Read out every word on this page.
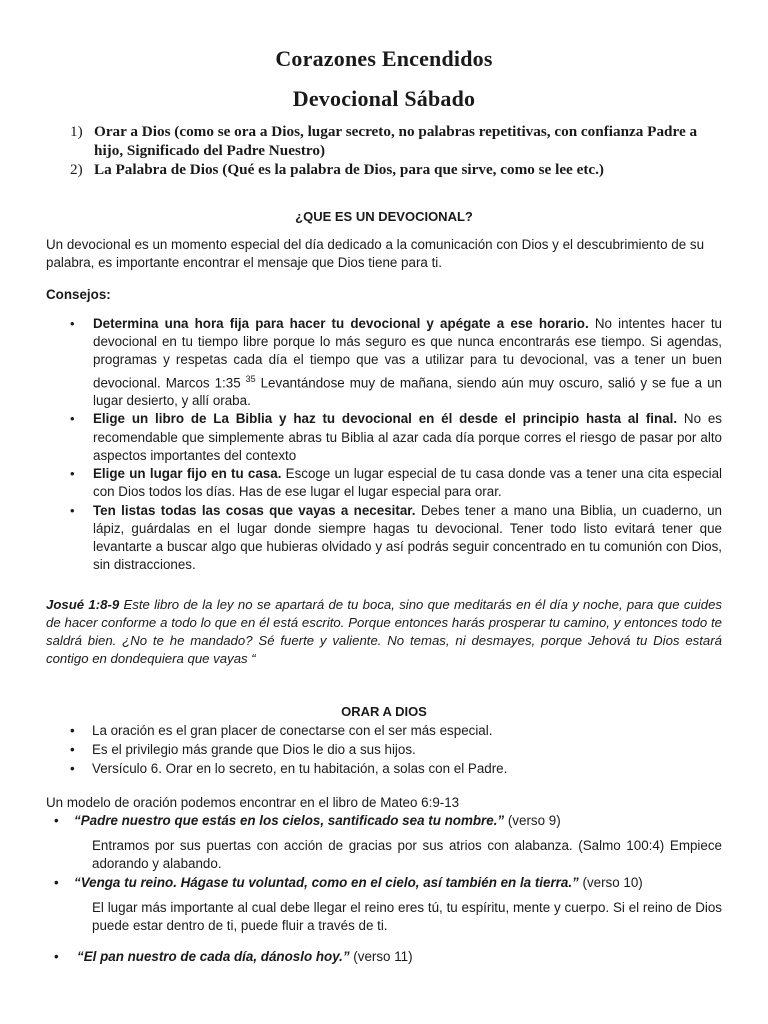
Corazones Encendidos
Devocional Sábado
1) Orar a Dios (como se ora a Dios, lugar secreto, no palabras repetitivas, con confianza Padre a hijo, Significado del Padre Nuestro)
2) La Palabra de Dios (Qué es la palabra de Dios, para que sirve, como se lee etc.)
¿QUE ES UN DEVOCIONAL?
Un devocional es un momento especial del día dedicado a la comunicación con Dios y el descubrimiento de su palabra, es importante encontrar el mensaje que Dios tiene para ti.
Consejos:
• Determina una hora fija para hacer tu devocional y apégate a ese horario. No intentes hacer tu devocional en tu tiempo libre porque lo más seguro es que nunca encontrarás ese tiempo. Si agendas, programas y respetas cada día el tiempo que vas a utilizar para tu devocional, vas a tener un buen devocional. Marcos 1:35 $^{35}$ Levantándose muy de mañana, siendo aún muy oscuro, salió y se fue a un lugar desierto, y allí oraba.
• Elige un libro de La Biblia y haz tu devocional en él desde el principio hasta al final. No es recomendable que simplemente abras tu Biblia al azar cada día porque corres el riesgo de pasar por alto aspectos importantes del contexto
• Elige un lugar fijo en tu casa. Escoge un lugar especial de tu casa donde vas a tener una cita especial con Dios todos los días. Has de ese lugar el lugar especial para orar.
• Ten listas todas las cosas que vayas a necesitar. Debes tener a mano una Biblia, un cuaderno, un lápiz, guárdalas en el lugar donde siempre hagas tu devocional. Tener todo listo evitará tener que levantarte a buscar algo que hubieras olvidado y así podrás seguir concentrado en tu comunión con Dios, sin distracciones.
Josué 1:8-9 Este libro de la ley no se apartará de tu boca, sino que meditarás en él día y noche, para que cuides de hacer conforme a todo lo que en él está escrito. Porque entonces harás prosperar tu camino, y entonces todo te saldrá bien. ¿No te he mandado? Sé fuerte y valiente. No temas, ni desmayes, porque Jehová tu Dios estará contigo en dondequiera que vayas “
ORAR A DIOS
• La oración es el gran placer de conectarse con el ser más especial.
• Es el privilegio más grande que Dios le dio a sus hijos.
• Versículo 6. Orar en lo secreto, en tu habitación, a solas con el Padre.
Un modelo de oración podemos encontrar en el libro de Mateo 6:9-13
•	“Padre nuestro que estás en los cielos, santificado sea tu nombre.” (verso 9)
Entramos por sus puertas con acción de gracias por sus atrios con alabanza. (Salmo 100:4) Empiece adorando y alabando.
•	“Venga tu reino. Hágase tu voluntad, como en el cielo, así también en la tierra.” (verso 10)
El lugar más importante al cual debe llegar el reino eres tú, tu espíritu, mente y cuerpo. Si el reino de Dios puede estar dentro de ti, puede fluir a través de ti.
•	“El pan nuestro de cada día, dánoslo hoy.” (verso 11)
